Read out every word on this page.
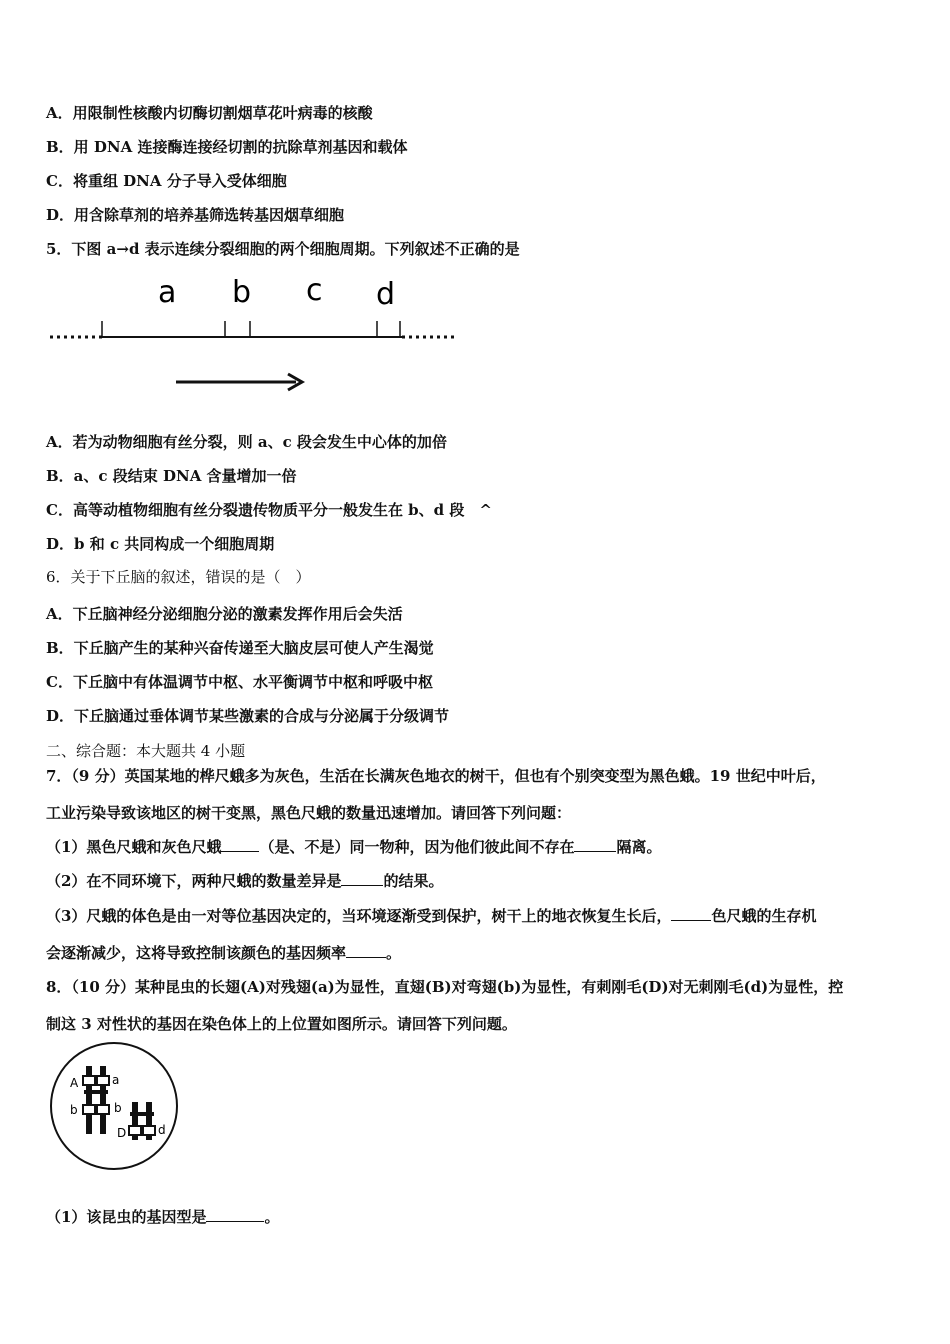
A．用限制性核酸内切酶切割烟草花叶病毒的核酸
B．用 DNA 连接酶连接经切割的抗除草剂基因和载体
C．将重组 DNA 分子导入受体细胞
D．用含除草剂的培养基筛选转基因烟草细胞
5．下图 a→d 表示连续分裂细胞的两个细胞周期。下列叙述不正确的是
a b c d
A．若为动物细胞有丝分裂，则 a、c 段会发生中心体的加倍
B．a、c 段结束 DNA 含量增加一倍
C．高等动植物细胞有丝分裂遗传物质平分一般发生在 b、d 段　^
D．b 和 c 共同构成一个细胞周期
6．关于下丘脑的叙述，错误的是（　）
A．下丘脑神经分泌细胞分泌的激素发挥作用后会失活
B．下丘脑产生的某种兴奋传递至大脑皮层可使人产生渴觉
C．下丘脑中有体温调节中枢、水平衡调节中枢和呼吸中枢
D．下丘脑通过垂体调节某些激素的合成与分泌属于分级调节
二、综合题：本大题共 4 小题
7．（9 分）英国某地的桦尺蛾多为灰色，生活在长满灰色地衣的树干，但也有个别突变型为黑色蛾。19 世纪中叶后，
工业污染导致该地区的树干变黑，黑色尺蛾的数量迅速增加。请回答下列问题：
（1）黑色尺蛾和灰色尺蛾	（是、不是）同一物种，因为他们彼此间不存在	隔离。
（2）在不同环境下，两种尺蛾的数量差异是	的结果。
（3）尺蛾的体色是由一对等位基因决定的，当环境逐渐受到保护，树干上的地衣恢复生长后，	色尺蛾的生存机
会逐渐减少，这将导致控制该颜色的基因频率	。
8．（10 分）某种昆虫的长翅(A)对残翅(a)为显性，直翅(B)对弯翅(b)为显性，有刺刚毛(D)对无刺刚毛(d)为显性，控
制这 3 对性状的基因在染色体上的上位置如图所示。请回答下列问题。
A	a
b	b
D	d
（1）该昆虫的基因型是	。
